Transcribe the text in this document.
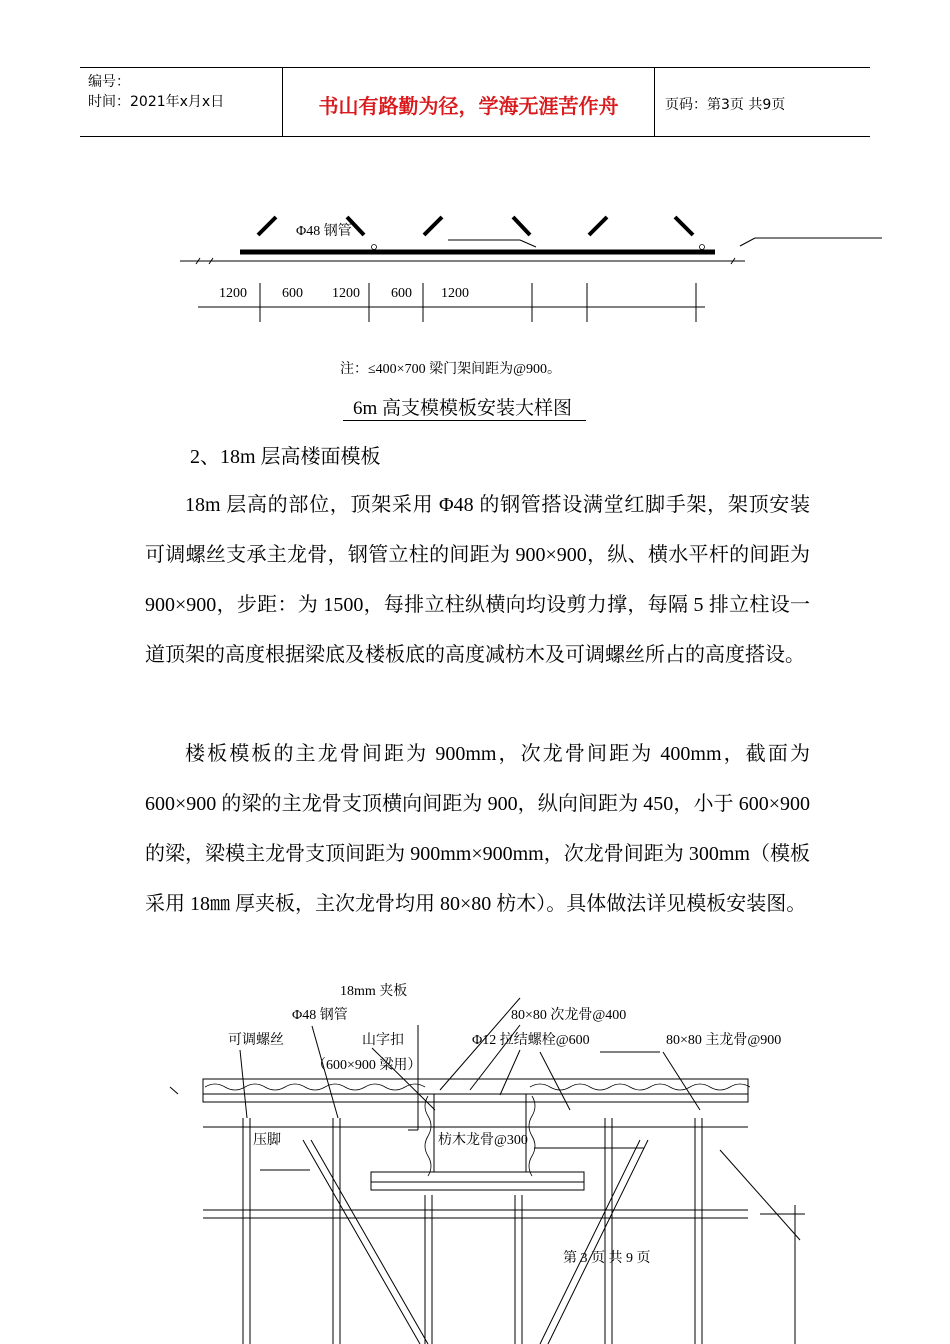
编号：
时间：2021年x月x日	书山有路勤为径，学海无涯苦作舟	页码：第3页 共9页
Φ48 钢管
1200	600 1200 600 1200
18mm 夹板
Φ48 钢管
可调螺丝	山字扣
（600×900 梁用）
80×80 次龙骨@400
Φ12 拉结螺栓@600	80×80 主龙骨@900
压脚	枋木龙骨@300
注：≤400×700 梁门架间距为@900。
6m 高支模模板安装大样图
2、18m 层高楼面模板

18m 层高的部位，顶架采用 Φ48 的钢管搭设满堂红脚手架，架顶安装可调螺丝支承主龙骨，钢管立柱的间距为 900×900，纵、横水平杆的间距为 900×900，步距：为 1500，每排立柱纵横向均设剪力撑，每隔 5 排立柱设一道顶架的高度根据梁底及楼板底的高度减枋木及可调螺丝所占的高度搭设。

楼板模板的主龙骨间距为 900mm，次龙骨间距为 400mm，截面为 600×900 的梁的主龙骨支顶横向间距为 900，纵向间距为 450，小于 600×900 的梁，梁模主龙骨支顶间距为 900mm×900mm，次龙骨间距为 300mm（模板采用 18㎜ 厚夹板，主次龙骨均用 80×80 枋木）。具体做法详见模板安装图。

第 3 页 共 9 页
